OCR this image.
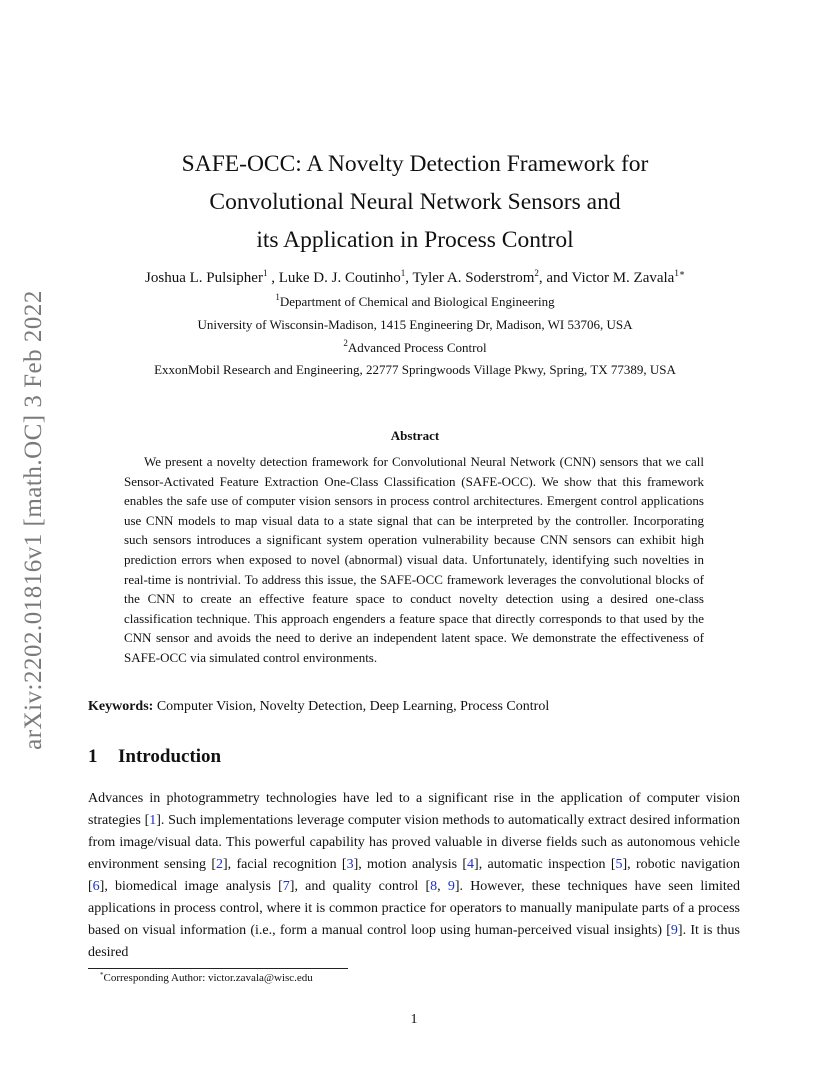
arXiv:2202.01816v1 [math.OC] 3 Feb 2022
SAFE-OCC: A Novelty Detection Framework for
Convolutional Neural Network Sensors and
its Application in Process Control
Joshua L. Pulsipher$^1$ , Luke D. J. Coutinho$^1$, Tyler A. Soderstrom$^2$, and Victor M. Zavala$^{1∗}$
$^1$Department of Chemical and Biological Engineering
University of Wisconsin-Madison, 1415 Engineering Dr, Madison, WI 53706, USA
$^2$Advanced Process Control
ExxonMobil Research and Engineering, 22777 Springwoods Village Pkwy, Spring, TX 77389, USA
Abstract
We present a novelty detection framework for Convolutional Neural Network (CNN) sensors that we call Sensor-Activated Feature Extraction One-Class Classification (SAFE-OCC). We show that this framework enables the safe use of computer vision sensors in process control architectures. Emergent control applications use CNN models to map visual data to a state signal that can be interpreted by the controller. Incorporating such sensors introduces a significant system operation vulnerability because CNN sensors can exhibit high prediction errors when exposed to novel (abnormal) visual data. Unfortunately, identifying such novelties in real-time is nontrivial. To address this issue, the SAFE-OCC framework leverages the convolutional blocks of the CNN to create an effective feature space to conduct novelty detection using a desired one-class classification technique. This approach engenders a feature space that directly corresponds to that used by the CNN sensor and avoids the need to derive an independent latent space. We demonstrate the effectiveness of SAFE-OCC via simulated control environments.
Keywords: Computer Vision, Novelty Detection, Deep Learning, Process Control
1 Introduction
Advances in photogrammetry technologies have led to a significant rise in the application of computer vision strategies [1]. Such implementations leverage computer vision methods to automatically extract desired information from image/visual data. This powerful capability has proved valuable in diverse fields such as autonomous vehicle environment sensing [2], facial recognition [3], motion analysis [4], automatic inspection [5], robotic navigation [6], biomedical image analysis [7], and quality control [8, 9]. However, these techniques have seen limited applications in process control, where it is common practice for operators to manually manipulate parts of a process based on visual information (i.e., form a manual control loop using human-perceived visual insights) [9]. It is thus desired
*Corresponding Author: victor.zavala@wisc.edu
1
